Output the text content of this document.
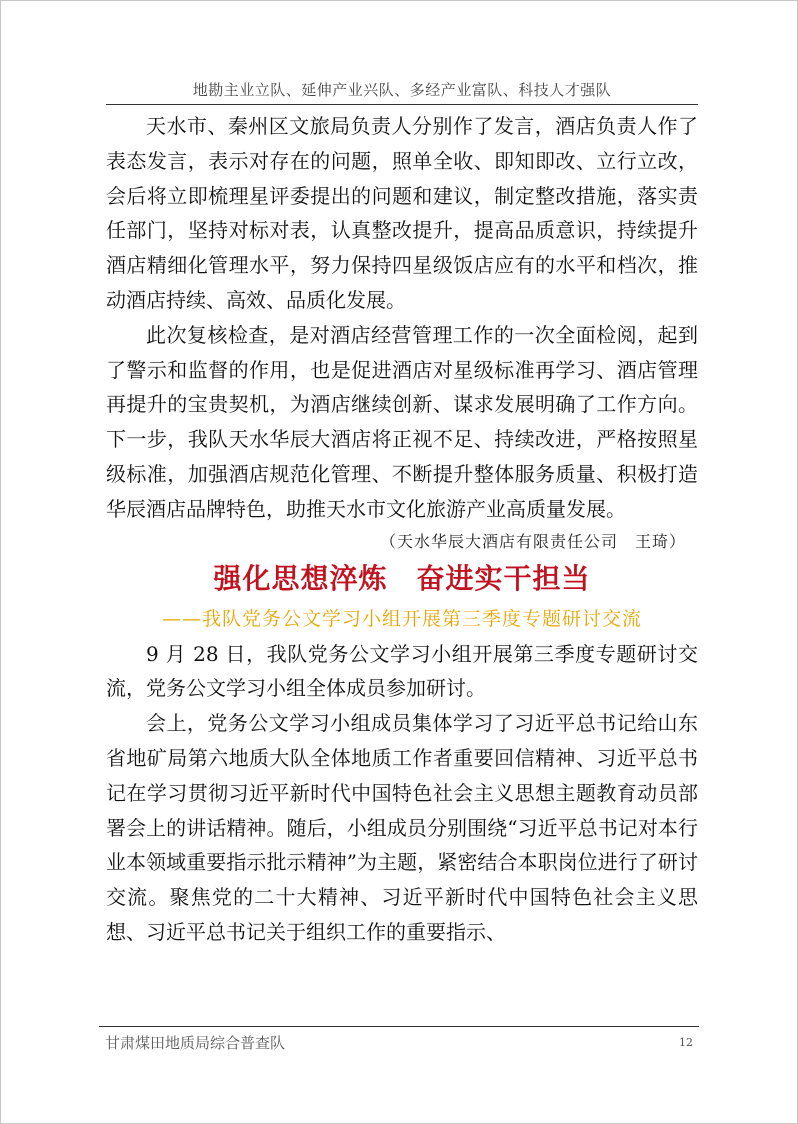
地勘主业立队、延伸产业兴队、多经产业富队、科技人才强队

天水市、秦州区文旅局负责人分别作了发言，酒店负责人作了表态发言，表示对存在的问题，照单全收、即知即改、立行立改，会后将立即梳理星评委提出的问题和建议，制定整改措施，落实责任部门，坚持对标对表，认真整改提升，提高品质意识，持续提升酒店精细化管理水平，努力保持四星级饭店应有的水平和档次，推动酒店持续、高效、品质化发展。

此次复核检查，是对酒店经营管理工作的一次全面检阅，起到了警示和监督的作用，也是促进酒店对星级标准再学习、酒店管理再提升的宝贵契机，为酒店继续创新、谋求发展明确了工作方向。下一步，我队天水华辰大酒店将正视不足、持续改进，严格按照星级标准，加强酒店规范化管理、不断提升整体服务质量、积极打造华辰酒店品牌特色，助推天水市文化旅游产业高质量发展。

（天水华辰大酒店有限责任公司　王琦）

强化思想淬炼　奋进实干担当

——我队党务公文学习小组开展第三季度专题研讨交流

9 月 28 日，我队党务公文学习小组开展第三季度专题研讨交流，党务公文学习小组全体成员参加研讨。

会上，党务公文学习小组成员集体学习了习近平总书记给山东省地矿局第六地质大队全体地质工作者重要回信精神、习近平总书记在学习贯彻习近平新时代中国特色社会主义思想主题教育动员部署会上的讲话精神。随后，小组成员分别围绕“习近平总书记对本行业本领域重要指示批示精神”为主题，紧密结合本职岗位进行了研讨交流。聚焦党的二十大精神、习近平新时代中国特色社会主义思想、习近平总书记关于组织工作的重要指示、

甘肃煤田地质局综合普查队	12
